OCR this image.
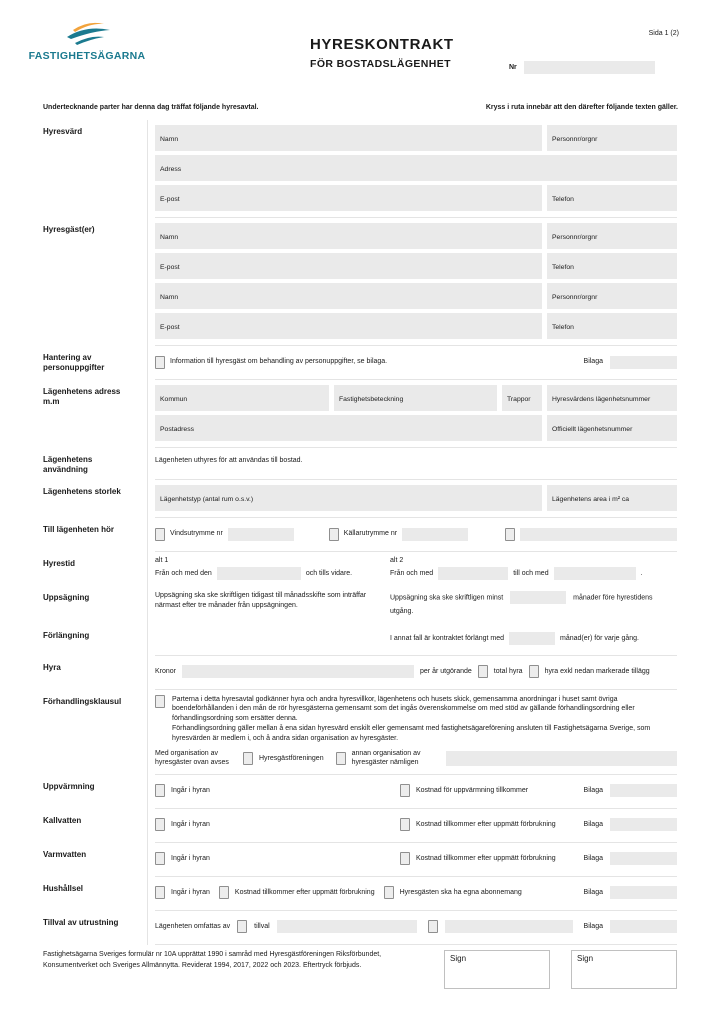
FASTIGHETSÄGARNA
HYRESKONTRAKT
FÖR BOSTADSLÄGENHET	Nr
Sida 1 (2)
Undertecknande parter har denna dag träffat följande hyresavtal.	Kryss i ruta innebär att den därefter följande texten gäller.
Hyresvärd
Namn	Personnr/orgnr
Adress
E-post	Telefon
Hyresgäst(er)
Namn	Personnr/orgnr
E-post	Telefon
Namn	Personnr/orgnr
E-post	Telefon
Hantering av personuppgifter
Information till hyresgäst om behandling av personuppgifter, se bilaga.	Bilaga
Lägenhetens adress m.m	Kommun	Fastighetsbeteckning	Trappor	Hyresvärdens lägenhetsnummer
Postadress	Officiellt lägenhetsnummer
Lägenhetens användning
Lägenheten uthyres för att användas till bostad.
Lägenhetens storlek
Lägenhetstyp (antal rum o.s.v.)	Lägenhetens area i m² ca
Till lägenheten hör	Vindsutrymme nr	Källarutrymme nr
Hyrestid	alt 1
Från och med den	och tills vidare.
alt 2
Från och med	till och med	.
Uppsägning	Uppsägning ska ske skriftligen tidigast till månadsskifte som inträffar närmast efter tre månader från uppsägningen.
Uppsägning ska ske skriftligen minst	månader före hyrestidens utgång.
Förlängning	I annat fall är kontraktet förlängt med	månad(er) för varje gång.
Hyra	Kronor	per år utgörande	total hyra	hyra exkl nedan markerade tillägg
Förhandlingsklausul	Parterna i detta hyresavtal godkänner hyra och andra hyresvillkor, lägenhetens och husets skick, gemensamma anordningar i huset samt övriga boendeförhållanden i den mån de rör hyresgästerna gemensamt som det ingås överenskommelse om med stöd av gällande förhandlingsordning eller förhandlingsordning som ersätter denna.

Förhandlingsordning gäller mellan å ena sidan hyresvärd enskilt eller gemensamt med fastighetsägareförening ansluten till Fastighetsägarna Sverige, som hyresvärden är medlem i, och å andra sidan organisation av hyresgäster.

Med organisation av hyresgäster ovan avses
Hyresgästföreningen
annan organisation av hyresgäster nämligen
Uppvärmning	Ingår i hyran	Kostnad för uppvärmning tillkommer	Bilaga
Kallvatten	Ingår i hyran	Kostnad tillkommer efter uppmätt förbrukning	Bilaga
Varmvatten	Ingår i hyran	Kostnad tillkommer efter uppmätt förbrukning	Bilaga
Hushållsel	Ingår i hyran	Kostnad tillkommer efter uppmätt förbrukning	Hyresgästen ska ha egna abonnemang	Bilaga
Tillval av utrustning	Lägenheten omfattas av	tillval	Bilaga
Fastighetsägarna Sveriges formulär nr 10A upprättat 1990 i samråd med Hyresgästföreningen Riksförbundet, Konsumentverket och Sveriges Allmännytta. Reviderat 1994, 2017, 2022 och 2023. Eftertryck förbjuds.
Sign	Sign
